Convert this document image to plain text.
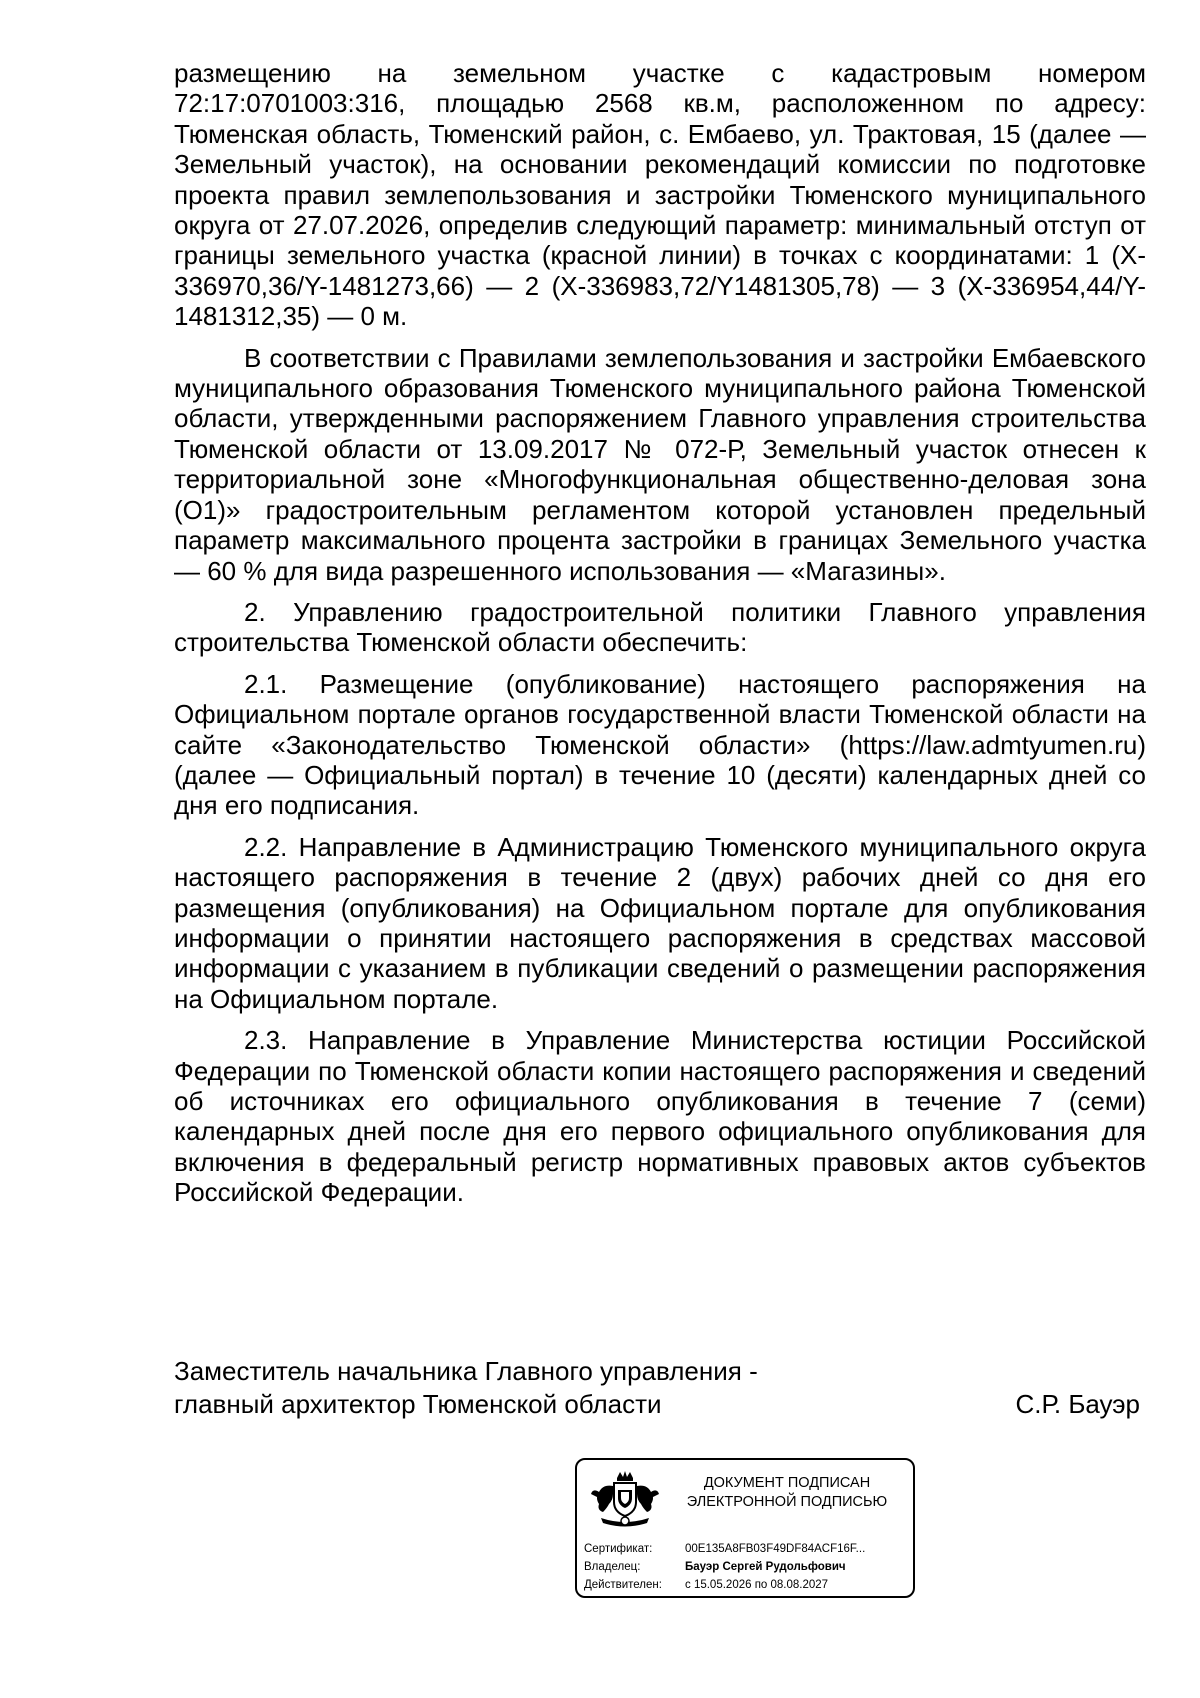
размещению на земельном участке с кадастровым номером 72:17:0701003:316, площадью 2568 кв.м, расположенном по адресу: Тюменская область, Тюменский район, с. Ембаево, ул. Трактовая, 15 (далее — Земельный участок), на основании рекомендаций комиссии по подготовке проекта правил землепользования и застройки Тюменского муниципального округа от 27.07.2026, определив следующий параметр: минимальный отступ от границы земельного участка (красной линии) в точках с координатами: 1 (X-336970,36/Y-1481273,66) — 2 (X-336983,72/Y1481305,78) — 3 (X-336954,44/Y-1481312,35) — 0 м.

В соответствии с Правилами землепользования и застройки Ембаевского муниципального образования Тюменского муниципального района Тюменской области, утвержденными распоряжением Главного управления строительства Тюменской области от 13.09.2017 № 072-Р, Земельный участок отнесен к территориальной зоне «Многофункциональная общественно-деловая зона (О1)» градостроительным регламентом которой установлен предельный параметр максимального процента застройки в границах Земельного участка — 60 % для вида разрешенного использования — «Магазины».

2. Управлению градостроительной политики Главного управления строительства Тюменской области обеспечить:

2.1. Размещение (опубликование) настоящего распоряжения на Официальном портале органов государственной власти Тюменской области на сайте «Законодательство Тюменской области» (https://law.admtyumen.ru) (далее — Официальный портал) в течение 10 (десяти) календарных дней со дня его подписания.

2.2. Направление в Администрацию Тюменского муниципального округа настоящего распоряжения в течение 2 (двух) рабочих дней со дня его размещения (опубликования) на Официальном портале для опубликования информации о принятии настоящего распоряжения в средствах массовой информации с указанием в публикации сведений о размещении распоряжения на Официальном портале.

2.3. Направление в Управление Министерства юстиции Российской Федерации по Тюменской области копии настоящего распоряжения и сведений об источниках его официального опубликования в течение 7 (семи) календарных дней после дня его первого официального опубликования для включения в федеральный регистр нормативных правовых актов субъектов Российской Федерации.

Заместитель начальника Главного управления -
главный архитектор Тюменской области	С.Р. Бауэр
ДОКУМЕНТ ПОДПИСАН
ЭЛЕКТРОННОЙ ПОДПИСЬЮ
Сертификат:	00E135A8FB03F49DF84ACF16F...
Владелец:	Бауэр Сергей Рудольфович
Действителен:	с 15.05.2026 по 08.08.2027
